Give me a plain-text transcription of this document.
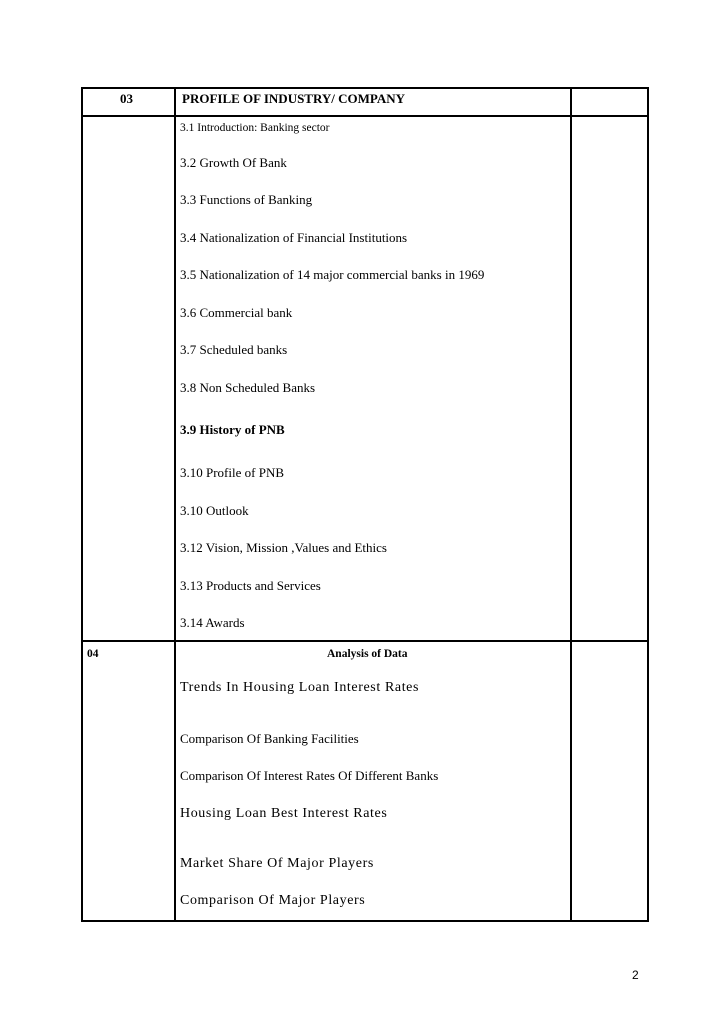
03	PROFILE OF INDUSTRY/ COMPANY
3.1 Introduction: Banking sector
3.2 Growth Of Bank
3.3 Functions of Banking
3.4 Nationalization of Financial Institutions
3.5 Nationalization of 14 major commercial banks in 1969
3.6 Commercial bank
3.7 Scheduled banks
3.8 Non Scheduled Banks
3.9 History of PNB
3.10 Profile of PNB
3.10 Outlook
3.12 Vision, Mission ,Values and Ethics
3.13 Products and Services
3.14 Awards
04	Analysis of Data
Trends In Housing Loan Interest Rates
Comparison Of Banking Facilities
Comparison Of Interest Rates Of Different Banks
Housing Loan Best Interest Rates
Market Share Of Major Players
Comparison Of Major Players
2
